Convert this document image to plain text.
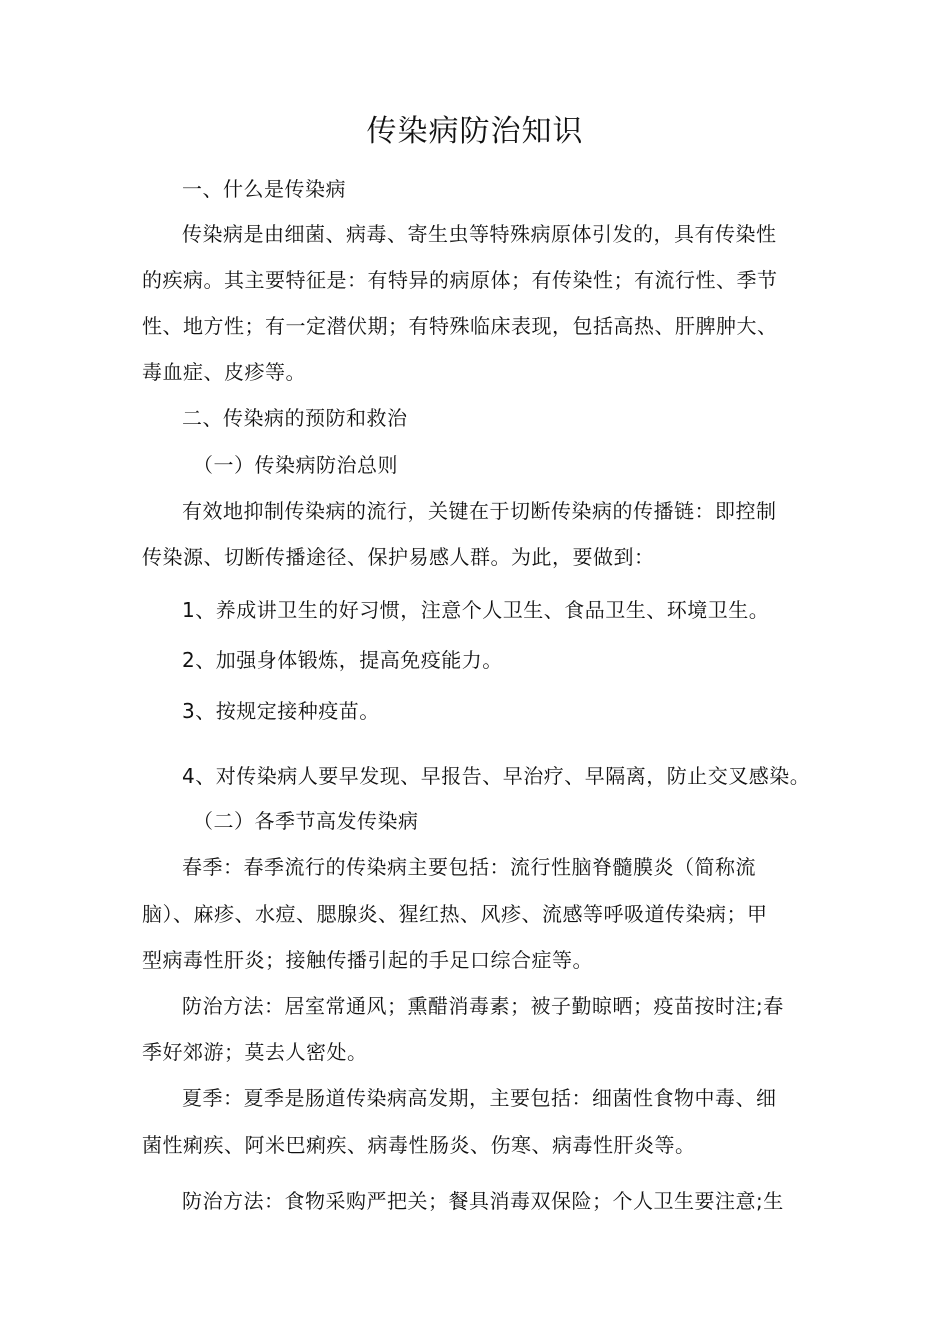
传染病防治知识

一、什么是传染病

传染病是由细菌、病毒、寄生虫等特殊病原体引发的，具有传染性

的疾病。其主要特征是：有特异的病原体；有传染性；有流行性、季节

性、地方性；有一定潜伏期；有特殊临床表现，包括高热、肝脾肿大、

毒血症、皮疹等。

二、传染病的预防和救治

（一）传染病防治总则

有效地抑制传染病的流行，关键在于切断传染病的传播链：即控制

传染源、切断传播途径、保护易感人群。为此，要做到：

1、养成讲卫生的好习惯，注意个人卫生、食品卫生、环境卫生。

2、加强身体锻炼，提高免疫能力。

3、按规定接种疫苗。

4、对传染病人要早发现、早报告、早治疗、早隔离，防止交叉感染。

（二）各季节高发传染病

春季：春季流行的传染病主要包括：流行性脑脊髓膜炎（简称流

脑）、麻疹、水痘、腮腺炎、猩红热、风疹、流感等呼吸道传染病；甲

型病毒性肝炎；接触传播引起的手足口综合症等。

防治方法：居室常通风；熏醋消毒素；被子勤晾晒；疫苗按时注;春

季好郊游；莫去人密处。

夏季：夏季是肠道传染病高发期，主要包括：细菌性食物中毒、细

菌性痢疾、阿米巴痢疾、病毒性肠炎、伤寒、病毒性肝炎等。

防治方法：食物采购严把关；餐具消毒双保险；个人卫生要注意;生
